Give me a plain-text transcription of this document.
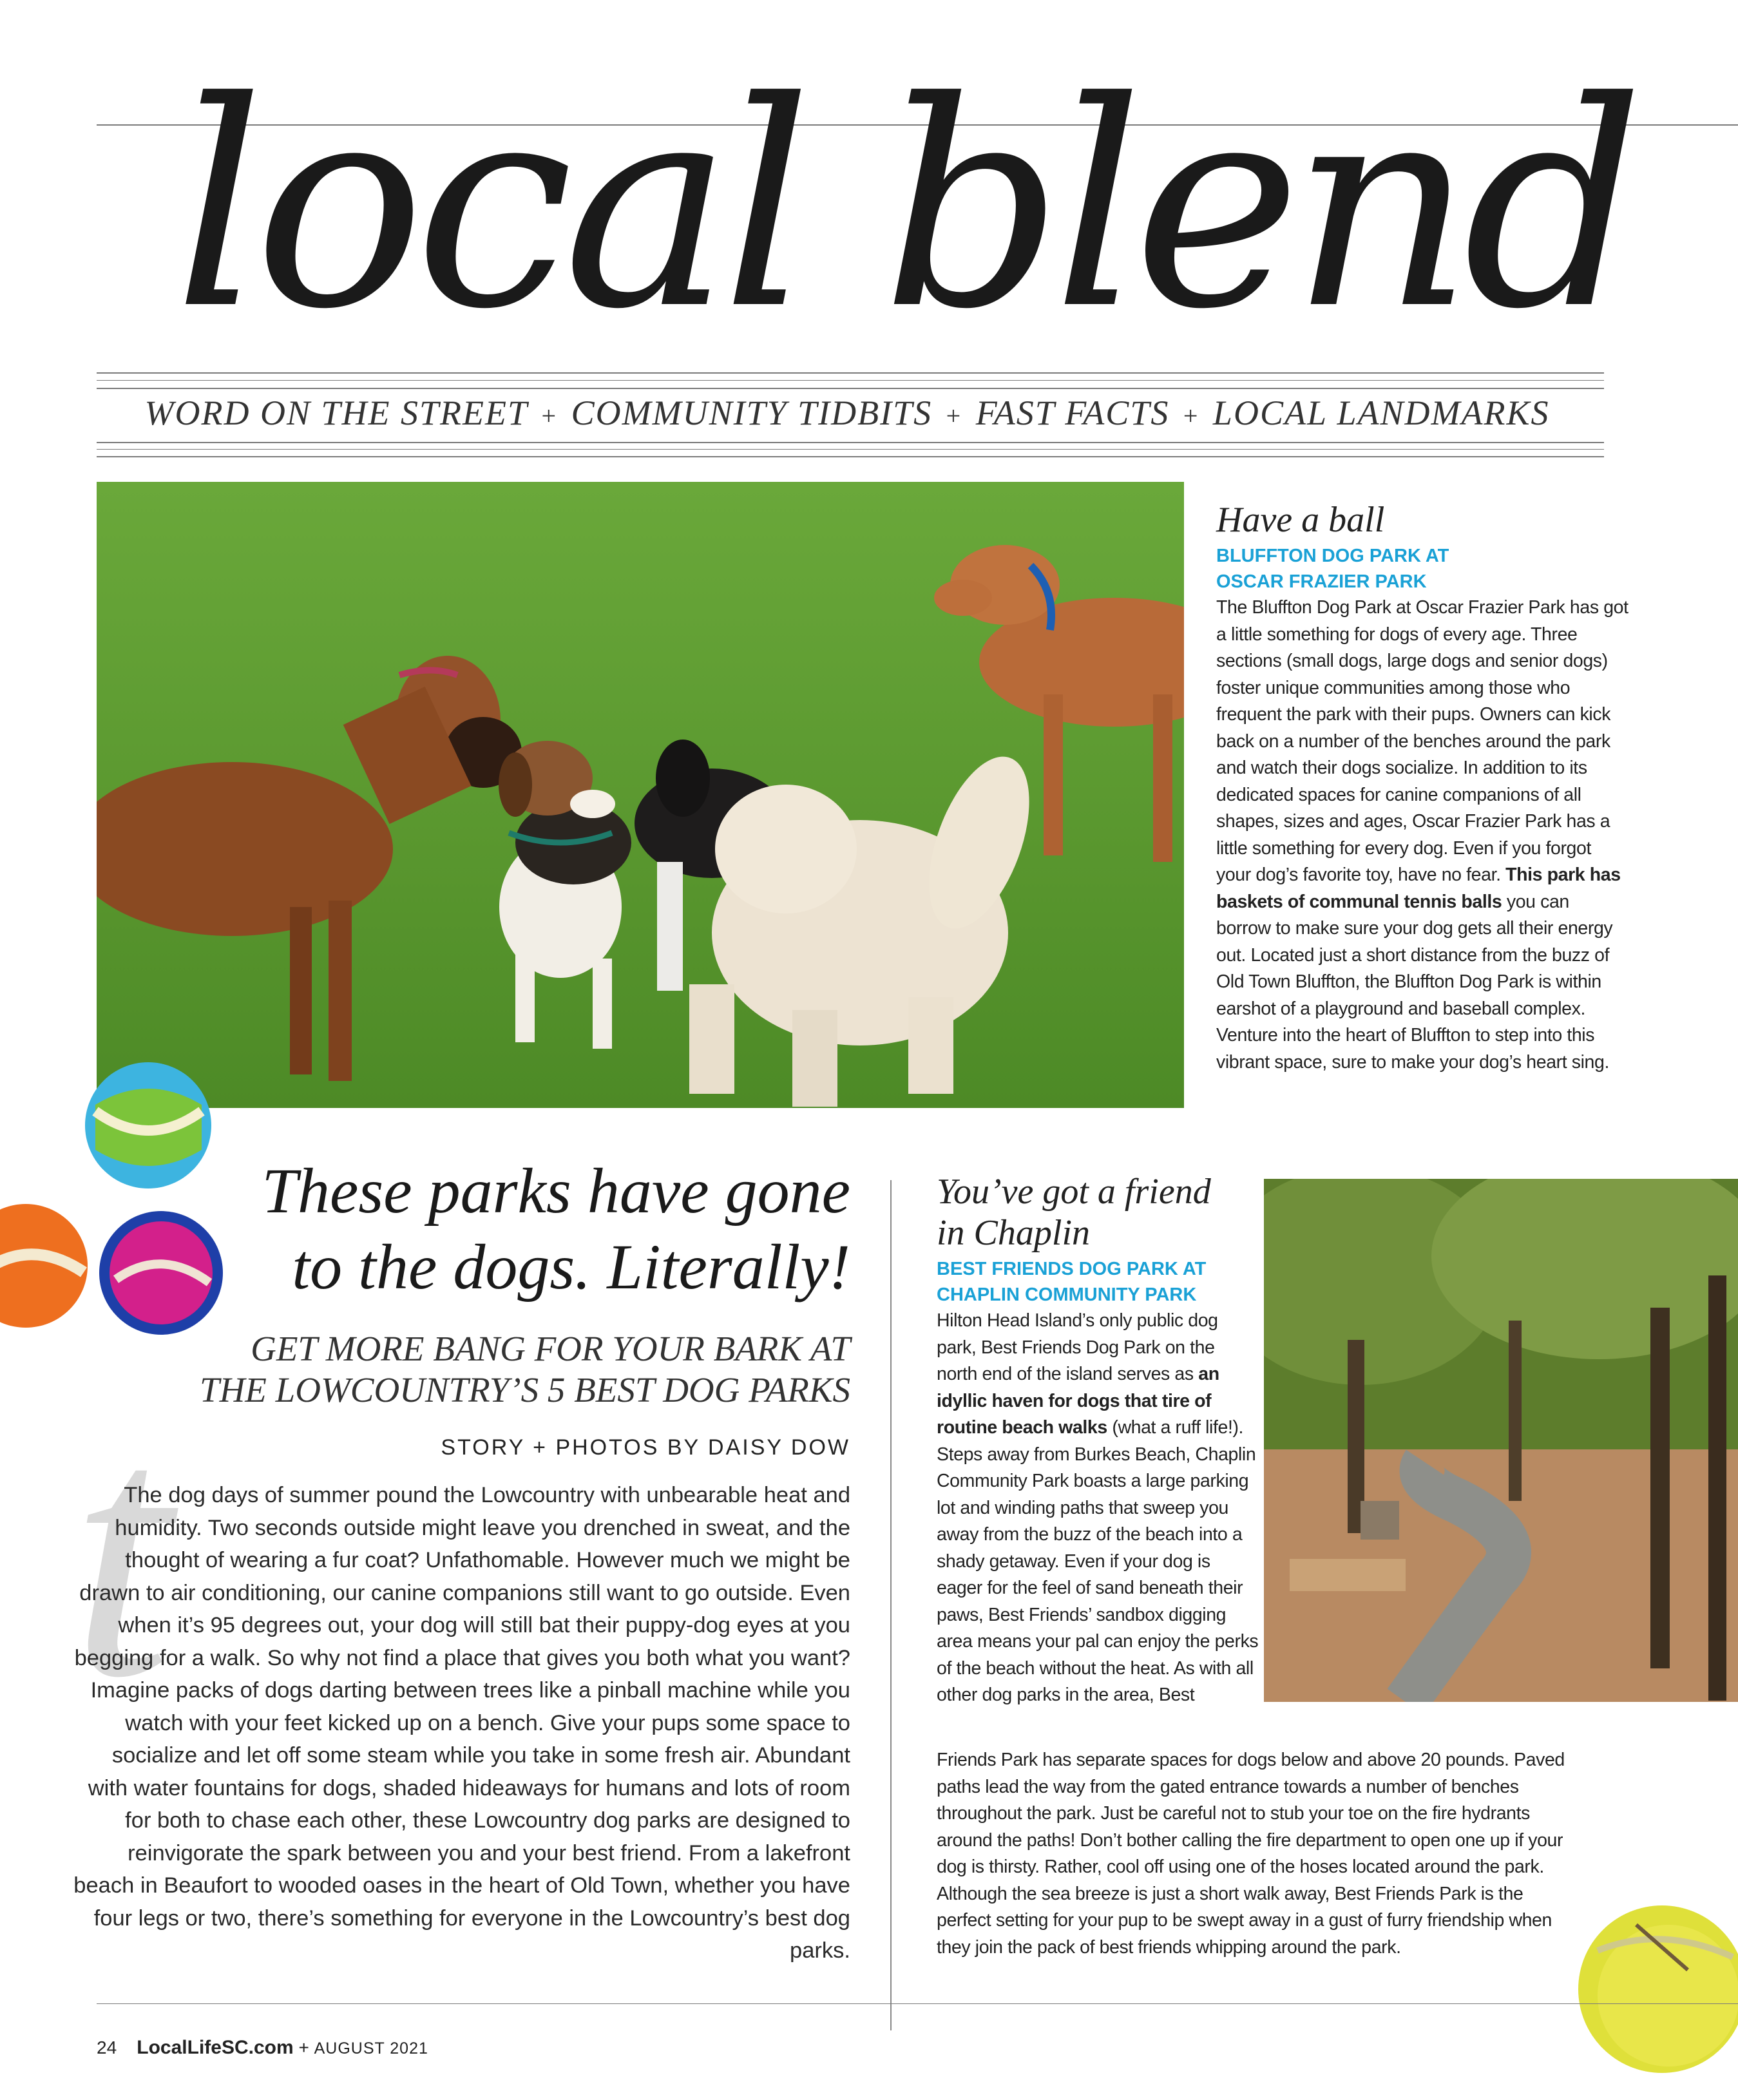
local blend
WORD ON THE STREET + COMMUNITY TIDBITS + FAST FACTS + LOCAL LANDMARKS
Have a ball
BLUFFTON DOG PARK AT
OSCAR FRAZIER PARK
The Bluffton Dog Park at Oscar Frazier Park has got a little something for dogs of every age. Three sections (small dogs, large dogs and senior dogs) foster unique communities among those who frequent the park with their pups. Owners can kick back on a number of the benches around the park and watch their dogs socialize. In addition to its dedicated spaces for canine companions of all shapes, sizes and ages, Oscar Frazier Park has a little something for every dog. Even if you forgot your dog’s favorite toy, have no fear. This park has baskets of communal tennis balls you can borrow to make sure your dog gets all their energy out. Located just a short distance from the buzz of Old Town Bluffton, the Bluffton Dog Park is within earshot of a playground and baseball complex. Venture into the heart of Bluffton to step into this vibrant space, sure to make your dog’s heart sing.
t
These parks have gone
to the dogs. Literally!
GET MORE BANG FOR YOUR BARK AT
THE LOWCOUNTRY’S 5 BEST DOG PARKS
STORY + PHOTOS BY DAISY DOW
The dog days of summer pound the Lowcountry with unbearable heat and humidity. Two seconds outside might leave you drenched in sweat, and the thought of wearing a fur coat? Unfathomable. However much we might be drawn to air conditioning, our canine companions still want to go outside. Even when it’s 95 degrees out, your dog will still bat their puppy-dog eyes at you begging for a walk. So why not find a place that gives you both what you want? Imagine packs of dogs darting between trees like a pinball machine while you watch with your feet kicked up on a bench. Give your pups some space to socialize and let off some steam while you take in some fresh air. Abundant with water fountains for dogs, shaded hideaways for humans and lots of room for both to chase each other, these Lowcountry dog parks are designed to reinvigorate the spark between you and your best friend. From a lakefront beach in Beaufort to wooded oases in the heart of Old Town, whether you have four legs or two, there’s something for everyone in the Lowcountry’s best dog parks.
You’ve got a friend
in Chaplin
BEST FRIENDS DOG PARK AT
CHAPLIN COMMUNITY PARK
Hilton Head Island’s only public dog park, Best Friends Dog Park on the north end of the island serves as an idyllic haven for dogs that tire of routine beach walks (what a ruff life!). Steps away from Burkes Beach, Chaplin Community Park boasts a large parking lot and winding paths that sweep you away from the buzz of the beach into a shady getaway. Even if your dog is eager for the feel of sand beneath their paws, Best Friends’ sandbox digging area means your pal can enjoy the perks of the beach without the heat. As with all other dog parks in the area, Best
Friends Park has separate spaces for dogs below and above 20 pounds. Paved paths lead the way from the gated entrance towards a number of benches throughout the park. Just be careful not to stub your toe on the fire hydrants around the paths! Don’t bother calling the fire department to open one up if your dog is thirsty. Rather, cool off using one of the hoses located around the park. Although the sea breeze is just a short walk away, Best Friends Park is the perfect setting for your pup to be swept away in a gust of furry friendship when they join the pack of best friends whipping around the park.
24 LocalLifeSC.com + AUGUST 2021
